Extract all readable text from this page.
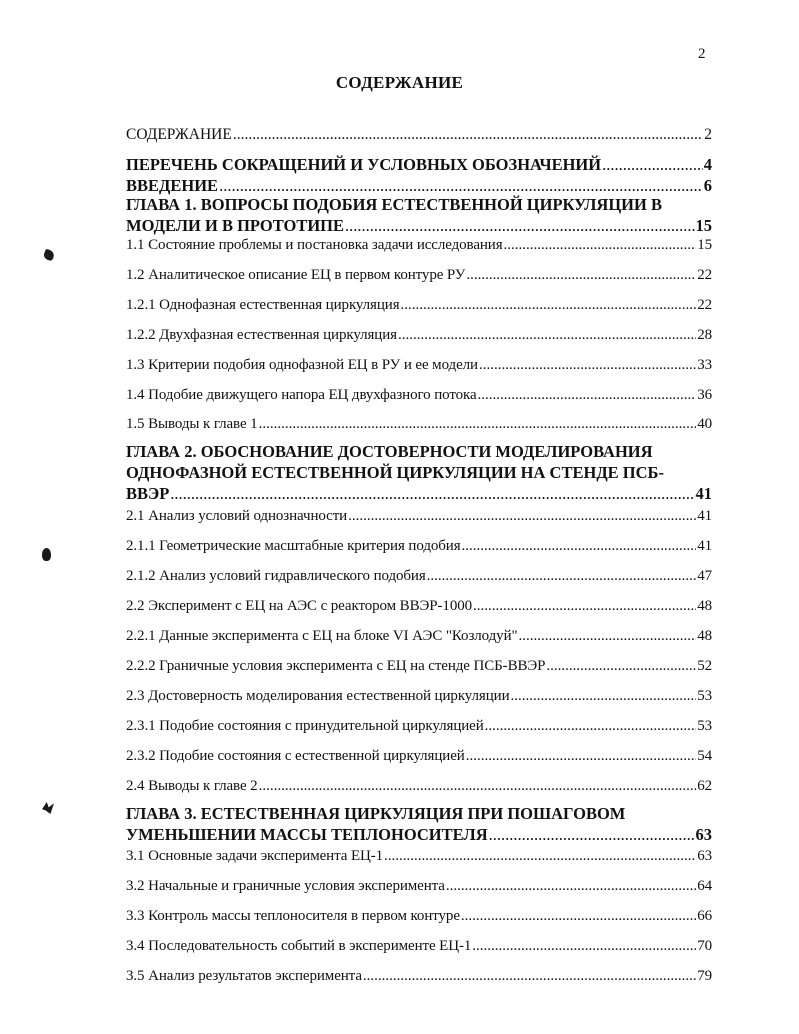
2
СОДЕРЖАНИЕ
СОДЕРЖАНИЕ .....	2
ПЕРЕЧЕНЬ СОКРАЩЕНИЙ И УСЛОВНЫХ ОБОЗНАЧЕНИЙ .....	4
ВВЕДЕНИЕ .....	6
ГЛАВА 1. ВОПРОСЫ ПОДОБИЯ ЕСТЕСТВЕННОЙ ЦИРКУЛЯЦИИ В
МОДЕЛИ И В ПРОТОТИПЕ .....	15
1.1 Состояние проблемы и постановка задачи исследования .....	15
1.2 Аналитическое описание ЕЦ в первом контуре РУ .....	22
1.2.1 Однофазная естественная циркуляция .....	22
1.2.2 Двухфазная естественная циркуляция .....	28
1.3 Критерии подобия однофазной ЕЦ в РУ и ее модели .....	33
1.4 Подобие движущего напора ЕЦ двухфазного потока .....	36
1.5 Выводы к главе 1 .....	40
ГЛАВА 2. ОБОСНОВАНИЕ ДОСТОВЕРНОСТИ МОДЕЛИРОВАНИЯ
ОДНОФАЗНОЙ ЕСТЕСТВЕННОЙ ЦИРКУЛЯЦИИ НА СТЕНДЕ ПСБ-
ВВЭР .....	41
2.1 Анализ условий однозначности .....	41
2.1.1 Геометрические масштабные критерия подобия .....	41
2.1.2 Анализ условий гидравлического подобия .....	47
2.2 Эксперимент с ЕЦ на АЭС с реактором ВВЭР-1000 .....	48
2.2.1 Данные эксперимента с ЕЦ на блоке VI АЭС "Козлодуй" .....	48
2.2.2 Граничные условия эксперимента с ЕЦ на стенде ПСБ-ВВЭР .....	52
2.3 Достоверность моделирования естественной циркуляции .....	53
2.3.1 Подобие состояния с принудительной циркуляцией .....	53
2.3.2 Подобие состояния с естественной циркуляцией .....	54
2.4 Выводы к главе 2 .....	62
ГЛАВА 3. ЕСТЕСТВЕННАЯ ЦИРКУЛЯЦИЯ ПРИ ПОШАГОВОМ
УМЕНЬШЕНИИ МАССЫ ТЕПЛОНОСИТЕЛЯ .....	63
3.1 Основные задачи эксперимента ЕЦ-1 .....	63
3.2 Начальные и граничные условия эксперимента .....	64
3.3 Контроль массы теплоносителя в первом контуре .....	66
3.4 Последовательность событий в эксперименте ЕЦ-1 .....	70
3.5 Анализ результатов эксперимента .....	79
